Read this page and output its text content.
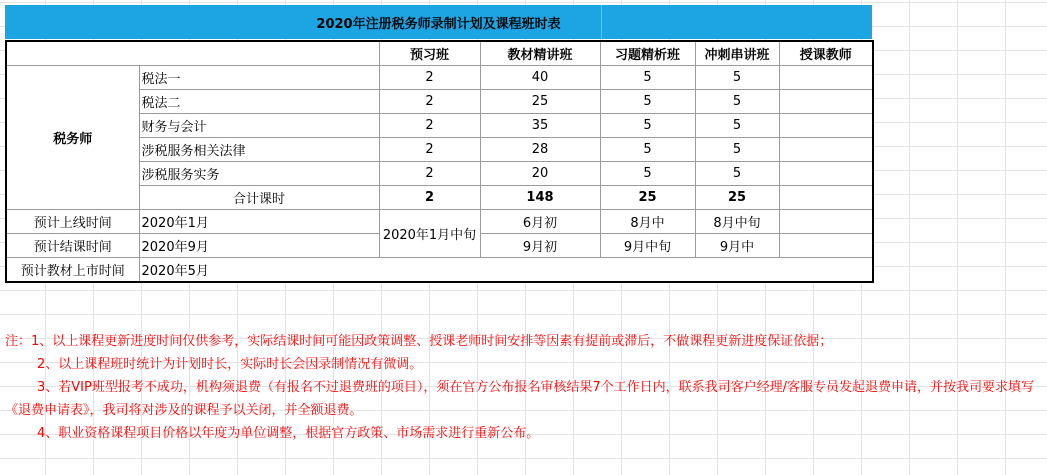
2020年注册税务师录制计划及课程班时表
		预习班	教材精讲班	习题精析班	冲刺串讲班	授课教师
税务师	税法一	2	40	5	5	
	税法二	2	25	5	5	
	财务与会计	2	35	5	5	
	涉税服务相关法律	2	28	5	5	
	涉税服务实务	2	20	5	5	
	合计课时	2	148	25	25	
预计上线时间	2020年1月	2020年1月中旬	6月初	8月中	8月中旬	
预计结课时间	2020年9月		9月初	9月中旬	9月中	
预计教材上市时间	2020年5月					

注：1、以上课程更新进度时间仅供参考，实际结课时间可能因政策调整、授课老师时间安排等因素有提前或滞后，不做课程更新进度保证依据；

2、以上课程班时统计为计划时长，实际时长会因录制情况有微调。

3、若VIP班型报考不成功，机构须退费（有报名不过退费班的项目），须在官方公布报名审核结果7个工作日内，联系我司客户经理/客服专员发起退费申请，并按我司要求填写《退费申请表》，我司将对涉及的课程予以关闭，并全额退费。

4、职业资格课程项目价格以年度为单位调整，根据官方政策、市场需求进行重新公布。
